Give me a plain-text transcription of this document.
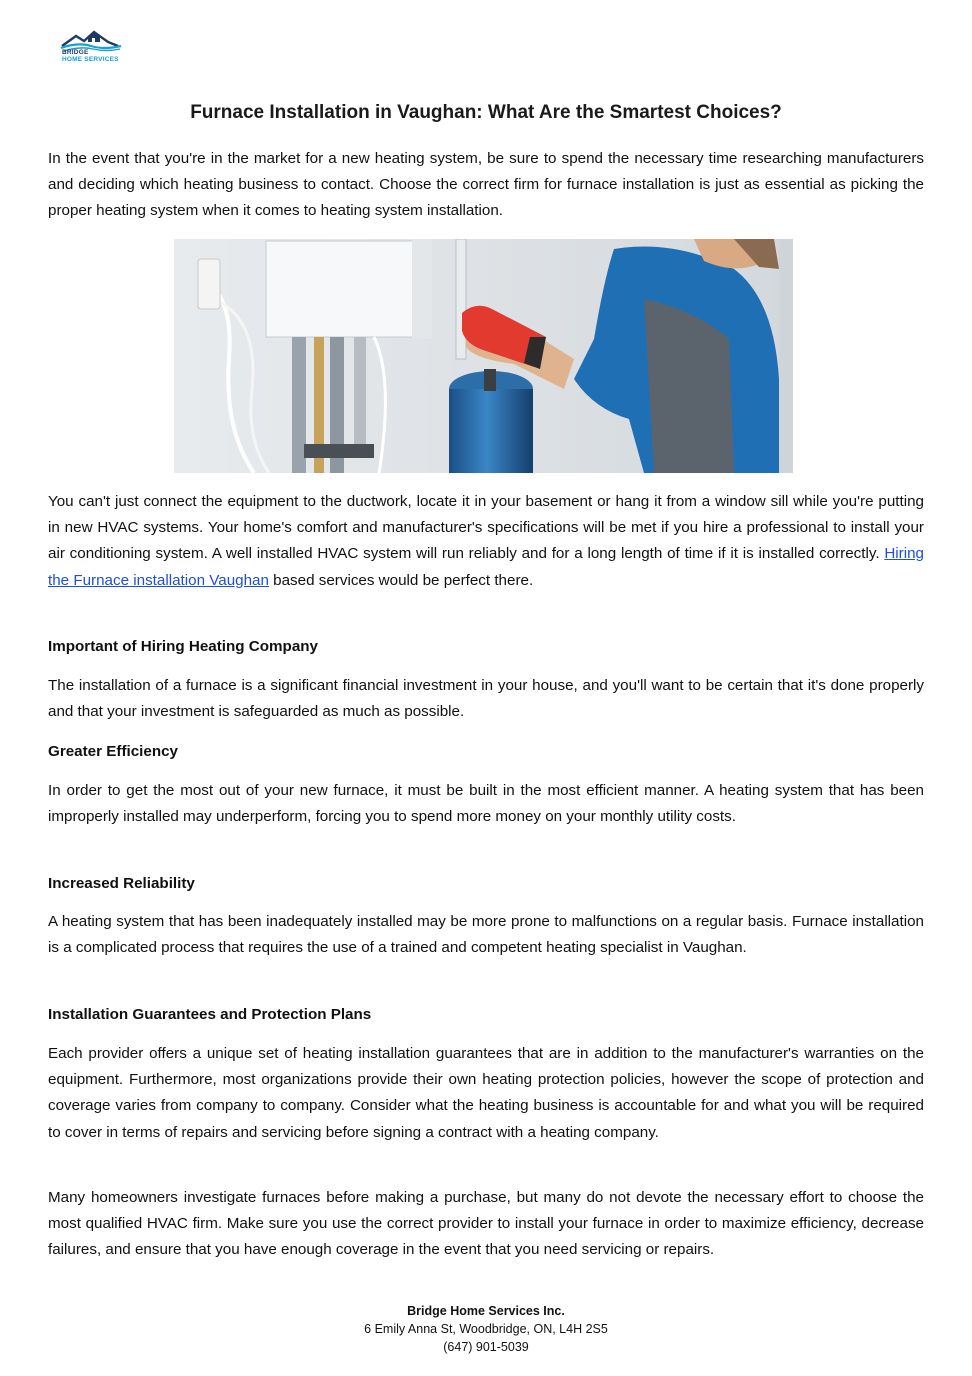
BRIDGE
HOME SERVICES
Furnace Installation in Vaughan: What Are the Smartest Choices?

In the event that you're in the market for a new heating system, be sure to spend the necessary time researching manufacturers and deciding which heating business to contact. Choose the correct firm for furnace installation is just as essential as picking the proper heating system when it comes to heating system installation.

You can't just connect the equipment to the ductwork, locate it in your basement or hang it from a window sill while you're putting in new HVAC systems. Your home's comfort and manufacturer's specifications will be met if you hire a professional to install your air conditioning system. A well installed HVAC system will run reliably and for a long length of time if it is installed correctly. Hiring the Furnace installation Vaughan based services would be perfect there.

Important of Hiring Heating Company

The installation of a furnace is a significant financial investment in your house, and you'll want to be certain that it's done properly and that your investment is safeguarded as much as possible.

Greater Efficiency

In order to get the most out of your new furnace, it must be built in the most efficient manner. A heating system that has been improperly installed may underperform, forcing you to spend more money on your monthly utility costs.

Increased Reliability

A heating system that has been inadequately installed may be more prone to malfunctions on a regular basis. Furnace installation is a complicated process that requires the use of a trained and competent heating specialist in Vaughan.

Installation Guarantees and Protection Plans

Each provider offers a unique set of heating installation guarantees that are in addition to the manufacturer's warranties on the equipment. Furthermore, most organizations provide their own heating protection policies, however the scope of protection and coverage varies from company to company. Consider what the heating business is accountable for and what you will be required to cover in terms of repairs and servicing before signing a contract with a heating company.

Many homeowners investigate furnaces before making a purchase, but many do not devote the necessary effort to choose the most qualified HVAC firm. Make sure you use the correct provider to install your furnace in order to maximize efficiency, decrease failures, and ensure that you have enough coverage in the event that you need servicing or repairs.

Bridge Home Services Inc.
6 Emily Anna St, Woodbridge, ON, L4H 2S5
(647) 901-5039
